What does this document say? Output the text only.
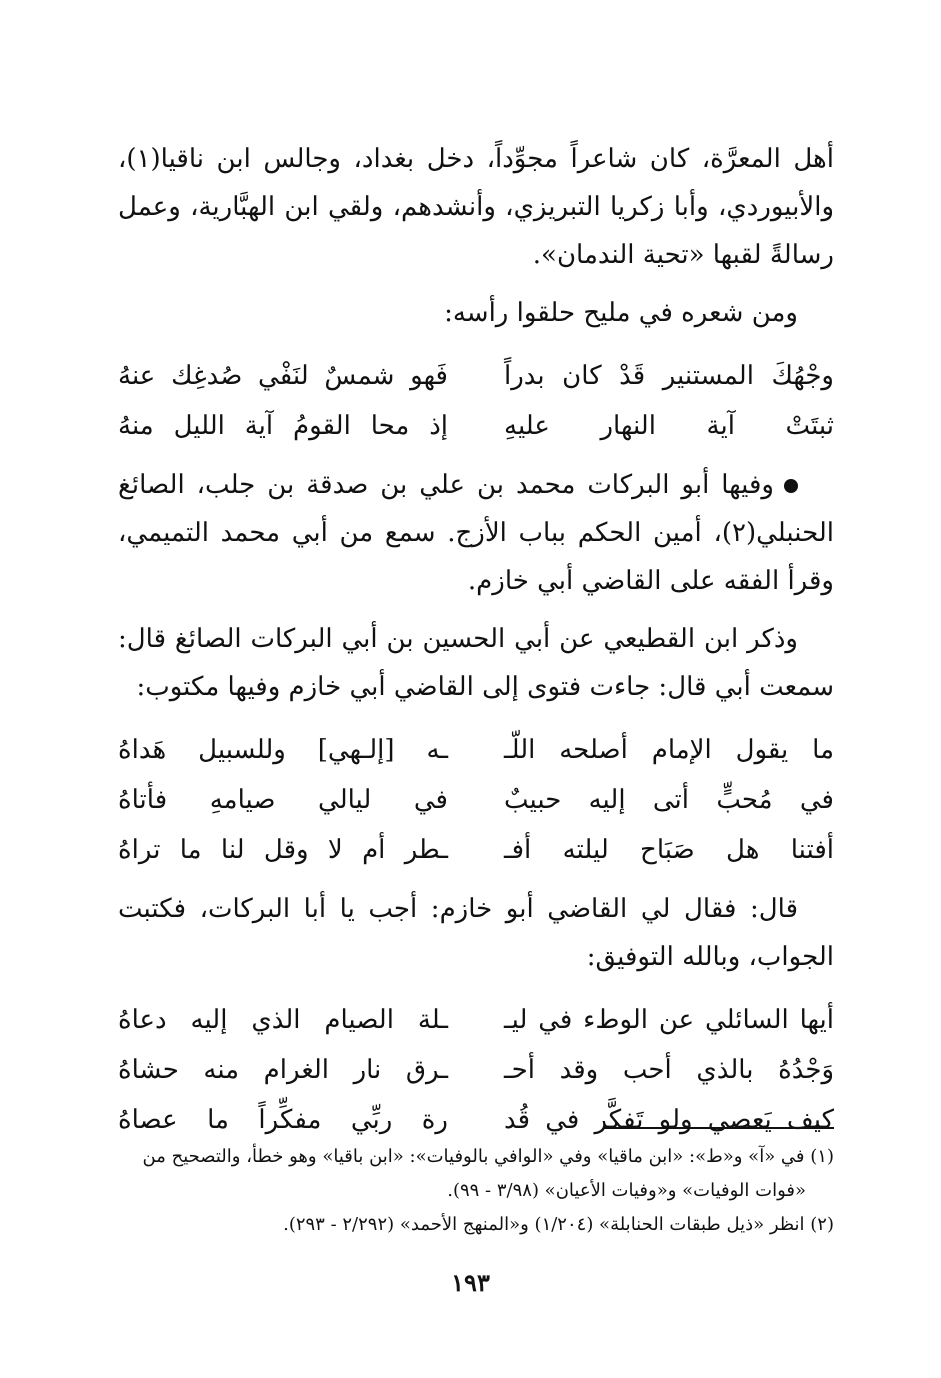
أهل المعرَّة، كان شاعراً مجوِّداً، دخل بغداد، وجالس ابن ناقيا(١)، والأبيوردي، وأبا زكريا التبريزي، وأنشدهم، ولقي ابن الهبَّارية، وعمل رسالةً لقبها «تحية الندمان».

ومن شعره في مليح حلقوا رأسه:

وجْهُكَ المستنير قَدْ كان بدراً
فَهو شمسٌ لنَفْي صُدغِك عنهُ
ثبتَتْ آية النهار عليهِ
إذ محا القومُ آية الليل منهُ

وفيها أبو البركات محمد بن علي بن صدقة بن جلب، الصائغ الحنبلي(٢)، أمين الحكم بباب الأزج. سمع من أبي محمد التميمي، وقرأ الفقه على القاضي أبي خازم.

وذكر ابن القطيعي عن أبي الحسين بن أبي البركات الصائغ قال: سمعت أبي قال: جاءت فتوى إلى القاضي أبي خازم وفيها مكتوب:

ما يقول الإمام أصلحه اللّـ
ـه [إلـهي] وللسبيل هَداهُ
في مُحبٍّ أتى إليه حبيبٌ
في ليالي صيامهِ فأتاهُ
أفتنا هل صَبَاح ليلته أفـ
ـطر أم لا وقل لنا ما تراهُ

قال: فقال لي القاضي أبو خازم: أجب يا أبا البركات، فكتبت الجواب، وبالله التوفيق:

أيها السائلي عن الوطء في ليـ
ـلة الصيام الذي إليه دعاهُ
وَجْدُهُ بالذي أحب وقد أحـ
ـرق نار الغرام منه حشاهُ
كيف يَعصي ولو تَفكَّر في قُد
رة ربِّي مفكِّراً ما عصاهُ

(١) في «آ» و«ط»: «ابن ماقيا» وفي «الوافي بالوفيات»: «ابن باقيا» وهو خطأ، والتصحيح من

«فوات الوفيات» و«وفيات الأعيان» (٣/٩٨ - ٩٩).

(٢) انظر «ذيل طبقات الحنابلة» (١/٢٠٤) و«المنهج الأحمد» (٢/٢٩٢ - ٢٩٣).

١٩٣
